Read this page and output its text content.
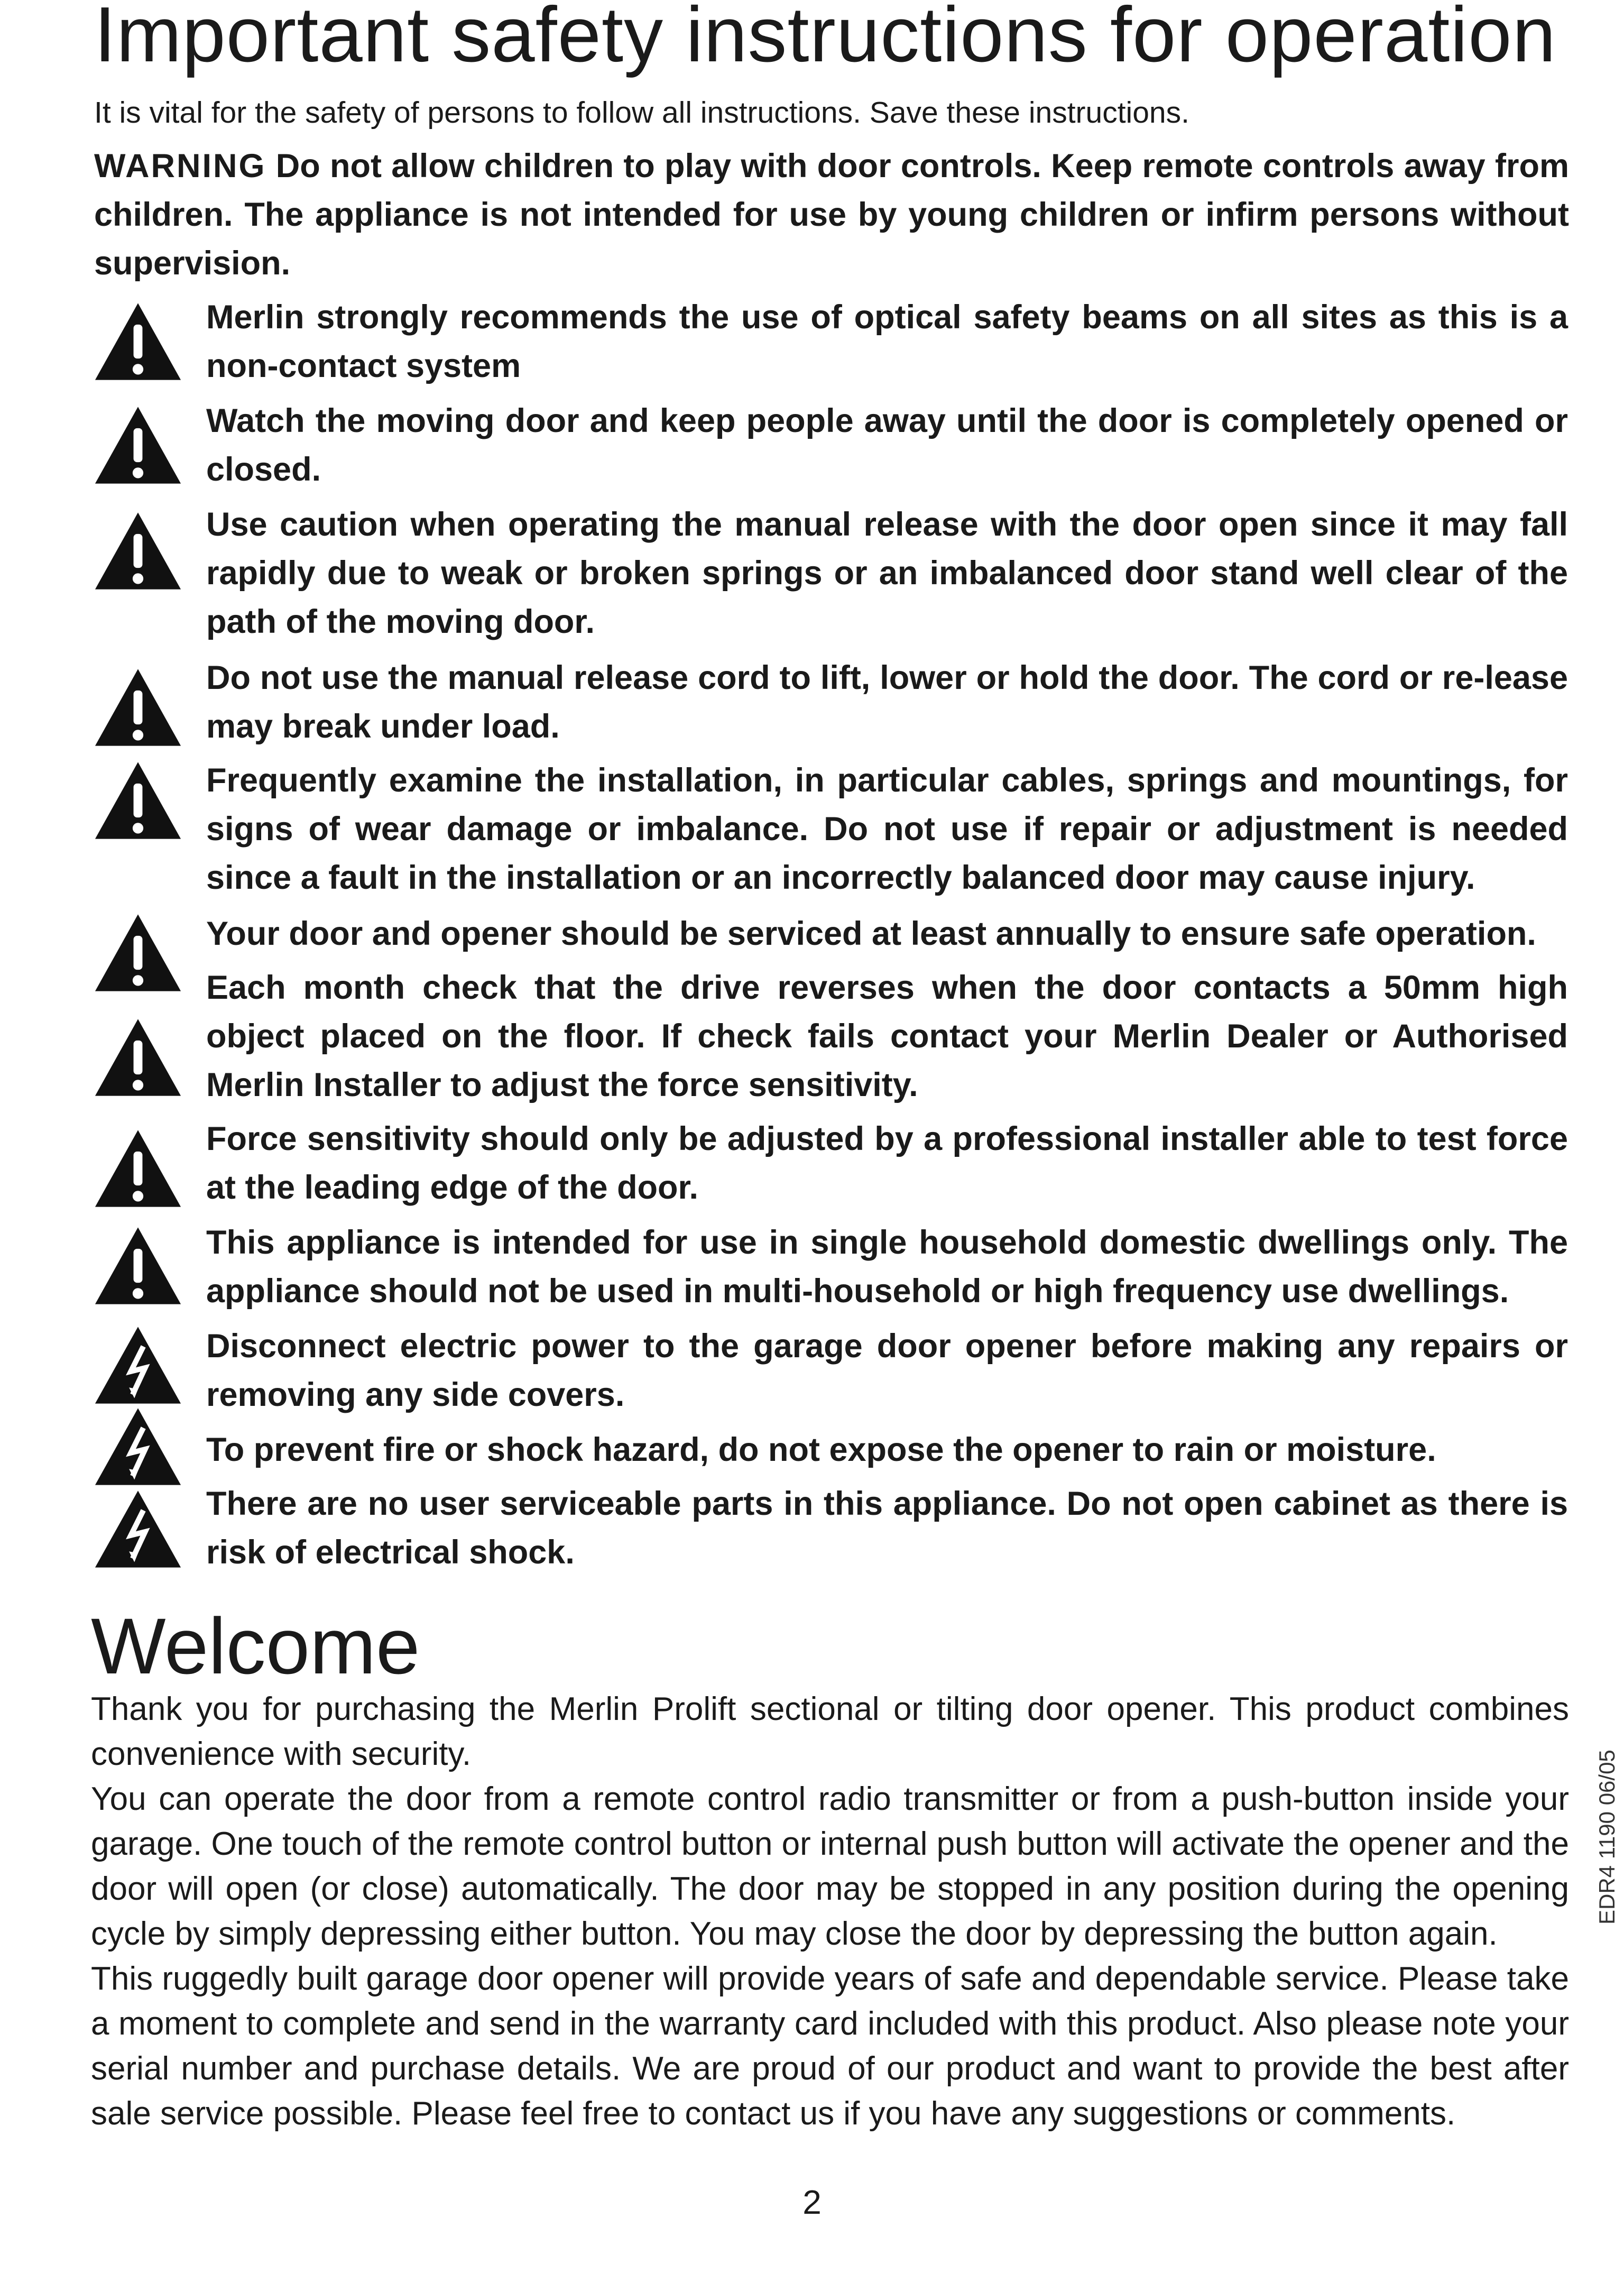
Important safety instructions for operation

It is vital for the safety of persons to follow all instructions. Save these instructions.

WARNING Do not allow children to play with door controls. Keep remote controls away from children. The appliance is not intended for use by young children or infirm persons without supervision.

Merlin strongly recommends the use of optical safety beams on all sites as this is a non-contact system

Watch the moving door and keep people away until the door is completely opened or closed.

Use caution when operating the manual release with the door open since it may fall rapidly due to weak or broken springs or an imbalanced door stand well clear of the path of the moving door.

Do not use the manual release cord to lift, lower or hold the door. The cord or re-lease may break under load.

Frequently examine the installation, in particular cables, springs and mountings, for signs of wear damage or imbalance. Do not use if repair or adjustment is needed since a fault in the installation or an incorrectly balanced door may cause injury.

Your door and opener should be serviced at least annually to ensure safe operation.

Each month check that the drive reverses when the door contacts a 50mm high object placed on the floor. If check fails contact your Merlin Dealer or Authorised Merlin Installer to adjust the force sensitivity.

Force sensitivity should only be adjusted by a professional installer able to test force at the leading edge of the door.

This appliance is intended for use in single household domestic dwellings only. The appliance should not be used in multi-household or high frequency use dwellings.

Disconnect electric power to the garage door opener before making any repairs or removing any side covers.

To prevent fire or shock hazard, do not expose the opener to rain or moisture.

There are no user serviceable parts in this appliance. Do not open cabinet as there is risk of electrical shock.

Welcome

Thank you for purchasing the Merlin Prolift sectional or tilting door opener. This product combines convenience with security.

You can operate the door from a remote control radio transmitter or from a push-button inside your garage. One touch of the remote control button or internal push button will activate the opener and the door will open (or close) automatically. The door may be stopped in any position during the opening cycle by simply depressing either button. You may close the door by depressing the button again.

This ruggedly built garage door opener will provide years of safe and dependable service. Please take a moment to complete and send in the warranty card included with this product. Also please note your serial number and purchase details. We are proud of our product and want to provide the best after sale service possible. Please feel free to contact us if you have any suggestions or comments.

EDR4 1190 06/05
2
